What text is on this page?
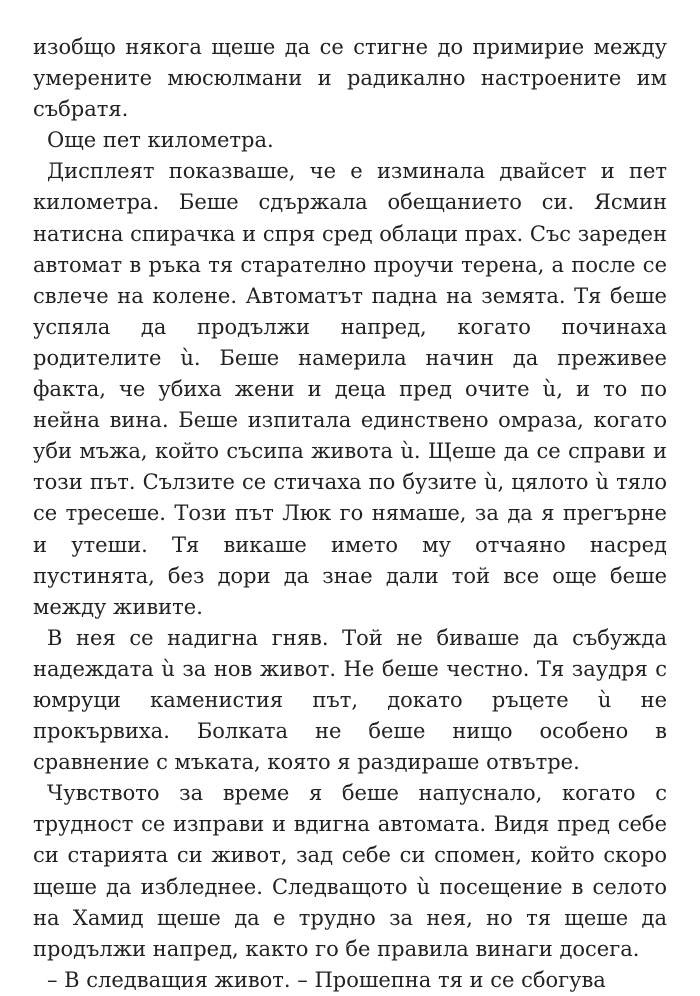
изобщо някога щеше да се стигне до примирие между умерените мюсюлмани и радикално настроените им събратя.

Още пет километра.

Дисплеят показваше, че е изминала двайсет и пет километра. Беше сдържала обещанието си. Ясмин натисна спирачка и спря сред облаци прах. Със зареден автомат в ръка тя старателно проучи терена, а после се свлече на колене. Автоматът падна на земята. Тя беше успяла да продължи напред, когато починаха родителите ù. Беше намерила начин да преживее факта, че убиха жени и деца пред очите ù, и то по нейна вина. Беше изпитала единствено омраза, когато уби мъжа, който съсипа живота ù. Щеше да се справи и този път. Сълзите се стичаха по бузите ù, цялото ù тяло се тресеше. Този път Люк го нямаше, за да я прегърне и утеши. Тя викаше името му отчаяно насред пустинята, без дори да знае дали той все още беше между живите.

В нея се надигна гняв. Той не биваше да събужда надеждата ù за нов живот. Не беше честно. Тя заудря с юмруци каменистия път, докато ръцете ù не прокървиха. Болката не беше нищо особено в сравнение с мъката, която я раздираше отвътре.

Чувството за време я беше напуснало, когато с трудност се изправи и вдигна автомата. Видя пред себе си старията си живот, зад себе си спомен, който скоро щеше да избледнее. Следващото ù посещение в селото на Хамид щеше да е трудно за нея, но тя щеше да продължи напред, както го бе правила винаги досега.

– В следващия живот. – Прошепна тя и се сбогува
